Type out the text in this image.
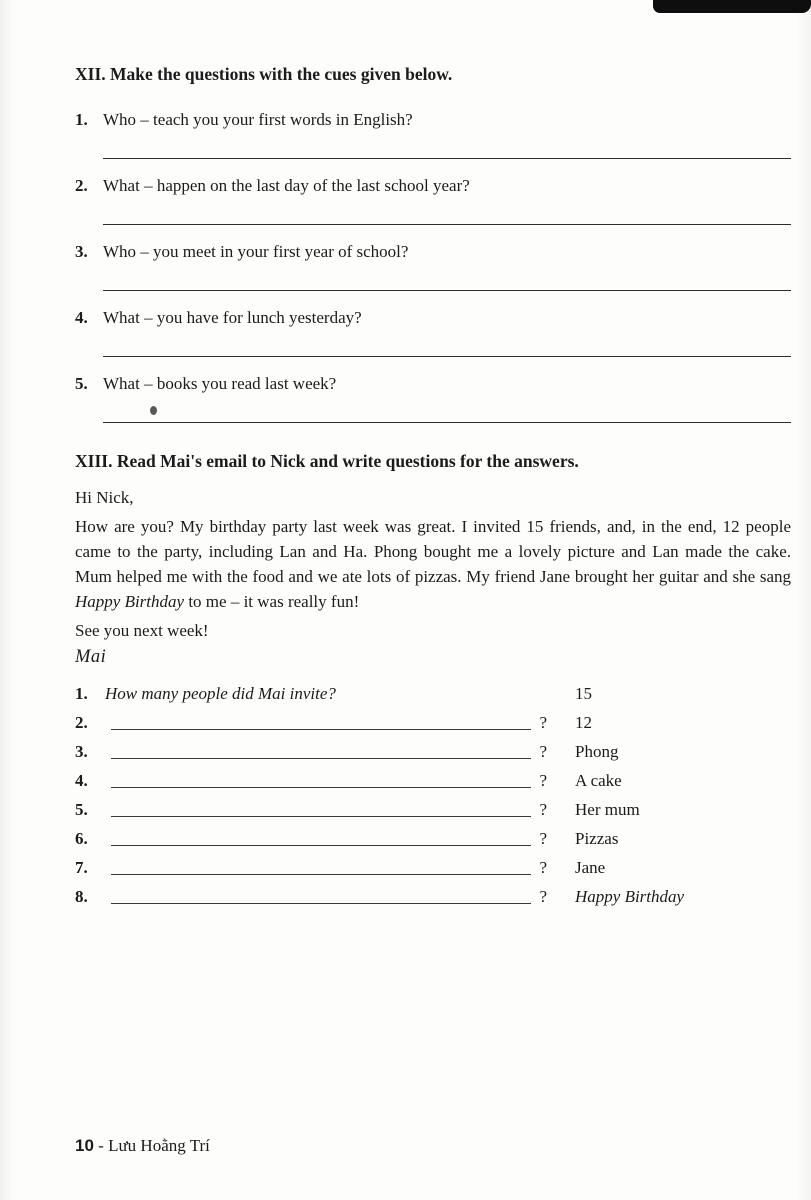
XII. Make the questions with the cues given below.

1. Who – teach you your first words in English?
2. What – happen on the last day of the last school year?
3. Who – you meet in your first year of school?
4. What – you have for lunch yesterday?
5. What – books you read last week?

XIII. Read Mai's email to Nick and write questions for the answers.

Hi Nick,

How are you? My birthday party last week was great. I invited 15 friends, and, in the end, 12 people came to the party, including Lan and Ha. Phong bought me a lovely picture and Lan made the cake. Mum helped me with the food and we ate lots of pizzas. My friend Jane brought her guitar and she sang Happy Birthday to me – it was really fun!

See you next week!

Mai

1.	How many people did Mai invite?	15
2.	? 12
3.	? Phong
4.	? A cake
5.	? Her mum
6.	? Pizzas
7.	? Jane
8.	? Happy Birthday
10 - Lưu Hoằng Trí
